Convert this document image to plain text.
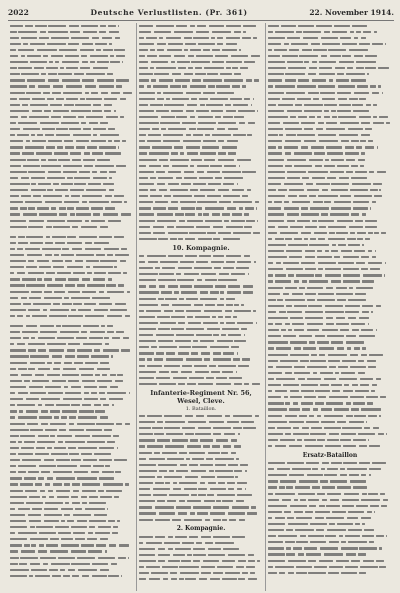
2022	Deutsche Verlustlisten. (Pr. 361)	22. November 1914.
10. Kompagnie.
Infanterie-Regiment Nr. 56, Wesel, Cleve.
1. Bataillon.
2. Kompagnie.
Ersatz-Bataillon
